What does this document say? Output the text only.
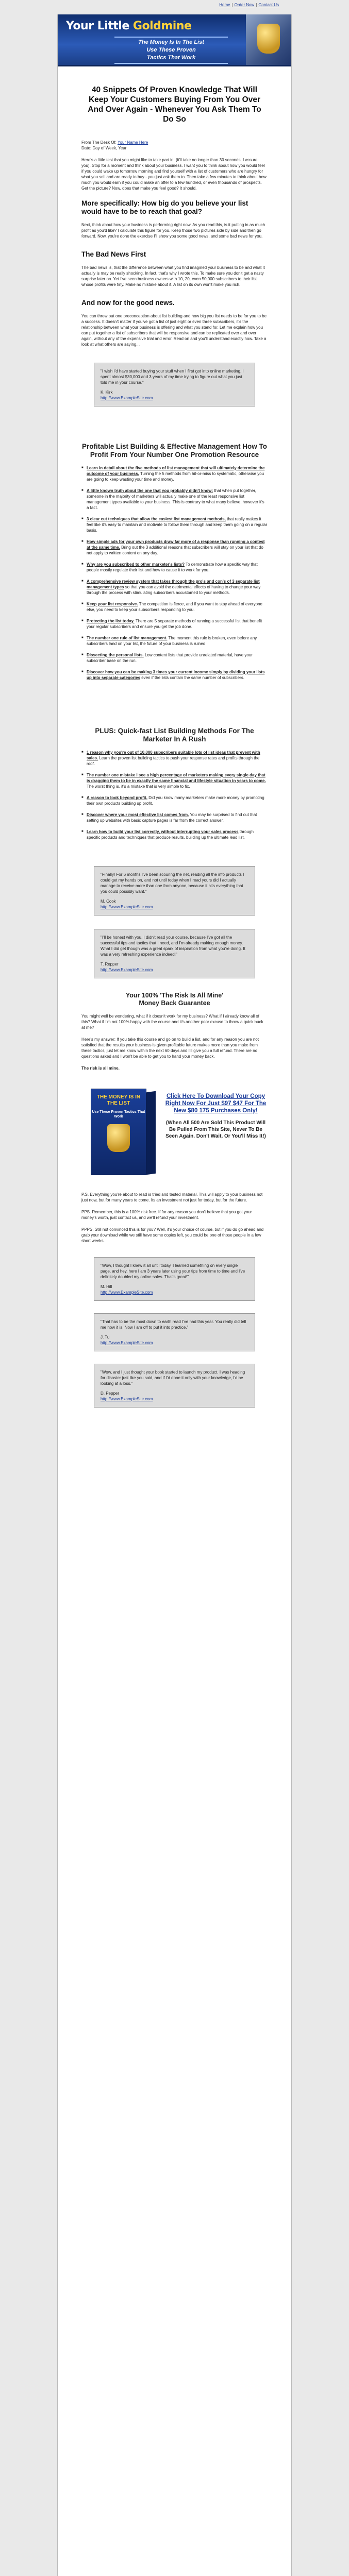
Home | Order Now | Contact Us
Your Little Goldmine
The Money Is In The List
Use These Proven
Tactics That Work
40 Snippets Of Proven Knowledge That Will Keep Your Customers Buying From You Over And Over Again - Whenever You Ask Them To Do So
From The Desk Of: Your Name Here
Date: Day of Week, Year

Here's a little test that you might like to take part in. (it'll take no longer than 30 seconds, I assure you). Stop for a moment and think about your business. I want you to think about how you would feel if you could wake up tomorrow morning and find yourself with a list of customers who are hungry for what you sell and are ready to buy - you just ask them to. Then take a few minutes to think about how much you would earn if you could make an offer to a few hundred, or even thousands of prospects. Get the picture? Now, does that make you feel good? It should.

More specifically: How big do you believe your list would have to be to reach that goal?

Next, think about how your business is performing right now. As you read this, is it putting in as much profit as you'd like? I calculate this figure for you. Keep those two pictures side by side and then go forward. Now, you're done the exercise I'll show you some good news, and some bad news for you.

The Bad News First

The bad news is, that the difference between what you find imagined your business to be and what it actually is may be really shocking. In fact, that's why I wrote this. To make sure you don't get a nasty surprise later on. Yet I've seen business owners with 10, 20, even 50,000 subscribers to their list whose profits were tiny. Make no mistake about it. A list on its own won't make you rich.

And now for the good news.

You can throw out one preconception about list building and how big you list needs to be for you to be a success. It doesn't matter if you've got a list of just eight or even three subscribers, it's the relationship between what your business is offering and what you stand for. Let me explain how you can put together a list of subscribers that will be responsive and can be replicated over and over again, without any of the expensive trial and error. Read on and you'll understand exactly how. Take a look at what others are saying...

"I wish I'd have started buying your stuff when I first got into online marketing. I spent almost $30,000 and 3 years of my time trying to figure out what you just told me in your course."
K. Kirk
http://www.ExampleSite.com
Profitable List Building & Effective Management How To Profit From Your Number One Promotion Resource
■ Learn in detail about the five methods of list management that will ultimately determine the outcome of your business. Turning the 5 methods from hit-or-miss to systematic, otherwise you are going to keep wasting your time and money.
■ A little known truth about the one that you probably didn't know: that when put together, someone in the majority of marketers will actually make one of the least responsive list management types available to your business. This is contrary to what many believe, however it's a fact.
■ 3 clear cut techniques that allow the easiest list management methods, that really makes it feel like it's easy to maintain and motivate to follow them through and keep them going on a regular basis.
■ How simple ads for your own products draw far more of a response than running a contest at the same time. Bring out the 3 additional reasons that subscribers will stay on your list that do not apply to written content on any day.
■ Why are you subscribed to other marketer's lists? To demonstrate how a specific way that people mostly regulate their list and how to cause it to work for you.
■ A comprehensive review system that takes through the pro's and con's of 3 separate list management types so that you can avoid the detrimental effects of having to change your way through the process with stimulating subscribers accustomed to your methods.
■ Keep your list responsive. The competition is fierce, and if you want to stay ahead of everyone else, you need to keep your subscribers responding to you.
■ Protecting the list today. There are 5 separate methods of running a successful list that benefit your regular subscribers and ensure you get the job done.
■ The number one rule of list management. The moment this rule is broken, even before any subscribers land on your list, the future of your business is ruined.
■ Dissecting the personal lists. Low content lists that provide unrelated material, have your subscriber base on the run.
■ Discover how you can be making 3 times your current income simply by dividing your lists up into separate categories even if the lists contain the same number of subscribers.
PLUS: Quick-fast List Building Methods For The Marketer In A Rush
■ 1 reason why you're out of 10,000 subscribers suitable lots of list ideas that prevent with sales. Learn the proven list building tactics to push your response rates and profits through the roof.
■ The number one mistake I see a high percentage of marketers making every single day that is dragging them to be in exactly the same financial and lifestyle situation in years to come. The worst thing is, it's a mistake that is very simple to fix.
■ A reason to look beyond profit. Did you know many marketers make more money by promoting their own products building up profit.
■ Discover where your most effective list comes from. You may be surprised to find out that setting up websites with basic capture pages is far from the correct answer.
■ Learn how to build your list correctly, without interrupting your sales process through specific products and techniques that produce results, building up the ultimate lead list.
"Finally! For 6 months I've been scouring the net, reading all the info products I could get my hands on, and not until today when I read yours did I actually manage to receive more than one from anyone, because it hits everything that you could possibly want."
M. Cook
http://www.ExampleSite.com
"I'll be honest with you, I didn't read your course, because I've got all the successful tips and tactics that I need, and I'm already making enough money. What I did get though was a great spark of inspiration from what you're doing. It was a very refreshing experience indeed!"
T. Repper
http://www.ExampleSite.com
Your 100% 'The Risk Is All Mine'
Money Back Guarantee

You might well be wondering, what if it doesn't work for my business? What if I already know all of this? What if I'm not 100% happy with the course and it's another poor excuse to throw a quick buck at me?

Here's my answer: If you take this course and go on to build a list, and for any reason you are not satisfied that the results your business is given profitable future makes more than you make from these tactics, just let me know within the next 60 days and I'll give you a full refund. There are no questions asked and I won't be able to get you to hand your money back.

The risk is all mine.

THE MONEY IS IN THE LIST
Use These Proven Tactics That Work
Click Here To Download Your Copy Right Now For Just $97 $47 For The New $80 175 Purchases Only!
(When All 500 Are Sold This Product Will Be Pulled From This Site, Never To Be Seen Again. Don't Wait, Or You'll Miss It!)

P.S. Everything you're about to read is tried and tested material. This will apply to your business not just now, but for many years to come. Its an investment not just for today, but for the future.

PPS. Remember, this is a 100% risk free. If for any reason you don't believe that you got your money's worth, just contact us, and we'll refund your investment.

PPPS. Still not convinced this is for you? Well, it's your choice of course, but if you do go ahead and grab your download while we still have some copies left, you could be one of those people in a few short weeks.

"Wow, I thought I knew it all until today. I learned something on every single page, and hey, here I am 3 years later using your tips from time to time and I've definitely doubled my online sales. That's great!"
M. Hill
http://www.ExampleSite.com
"That has to be the most down to earth read I've had this year. You really did tell me how it is. Now I am off to put it into practice."
J. Tu
http://www.ExampleSite.com
"Wow, and I just thought your book started to launch my product. I was heading for disaster just like you said, and if I'd done it only with your knowledge, I'd be looking at a loss."
D. Pepper
http://www.ExampleSite.com
